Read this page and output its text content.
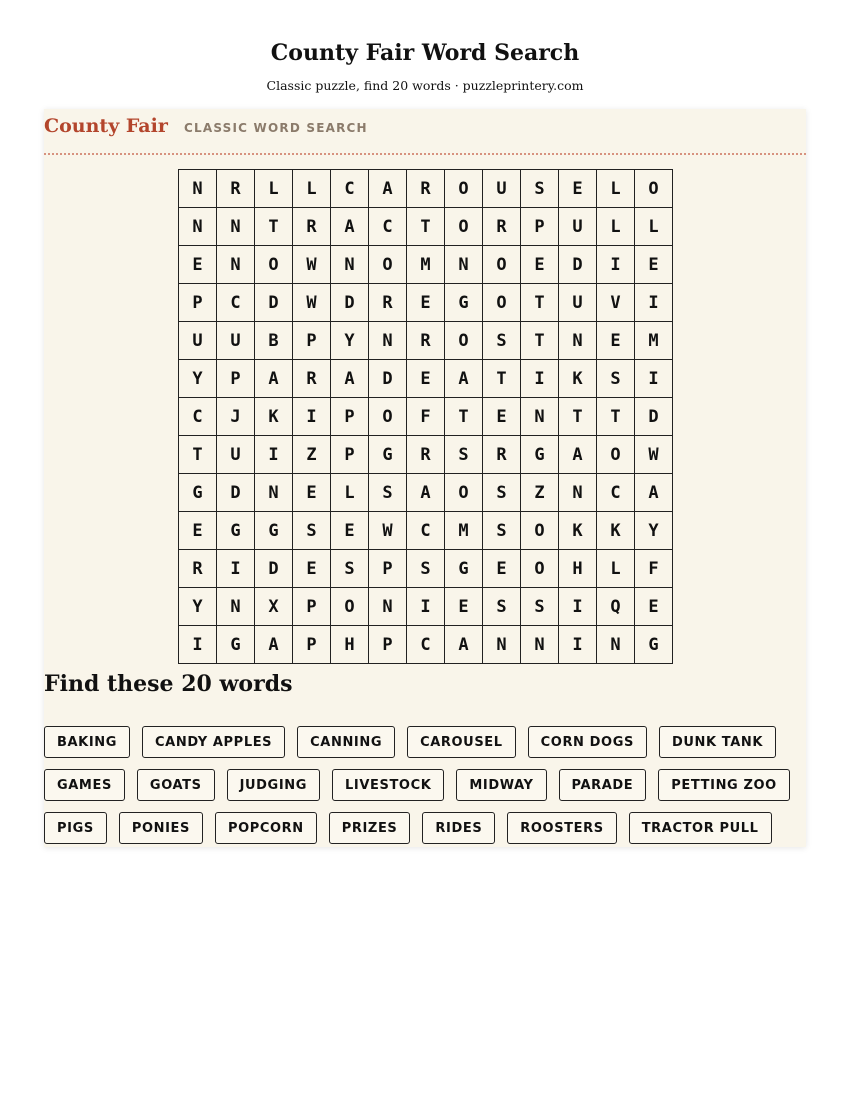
County Fair Word Search
Classic puzzle, find 20 words · puzzleprintery.com
County Fair CLASSIC WORD SEARCH
N	R	L	L	C	A	R	O	U	S	E	L	O
N	N	T	R	A	C	T	O	R	P	U	L	L
E	N	O	W	N	O	M	N	O	E	D	I	E
P	C	D	W	D	R	E	G	O	T	U	V	I
U	U	B	P	Y	N	R	O	S	T	N	E	M
Y	P	A	R	A	D	E	A	T	I	K	S	I
C	J	K	I	P	O	F	T	E	N	T	T	D
T	U	I	Z	P	G	R	S	R	G	A	O	W
G	D	N	E	L	S	A	O	S	Z	N	C	A
E	G	G	S	E	W	C	M	S	O	K	K	Y
R	I	D	E	S	P	S	G	E	O	H	L	F
Y	N	X	P	O	N	I	E	S	S	I	Q	E
I	G	A	P	H	P	C	A	N	N	I	N	G
Find these 20 words
BAKING	CANDY APPLES	CANNING	CAROUSEL	CORN DOGS	DUNK TANK
GAMES	GOATS	JUDGING	LIVESTOCK	MIDWAY	PARADE	PETTING ZOO
PIGS	PONIES	POPCORN	PRIZES	RIDES	ROOSTERS	TRACTOR PULL
